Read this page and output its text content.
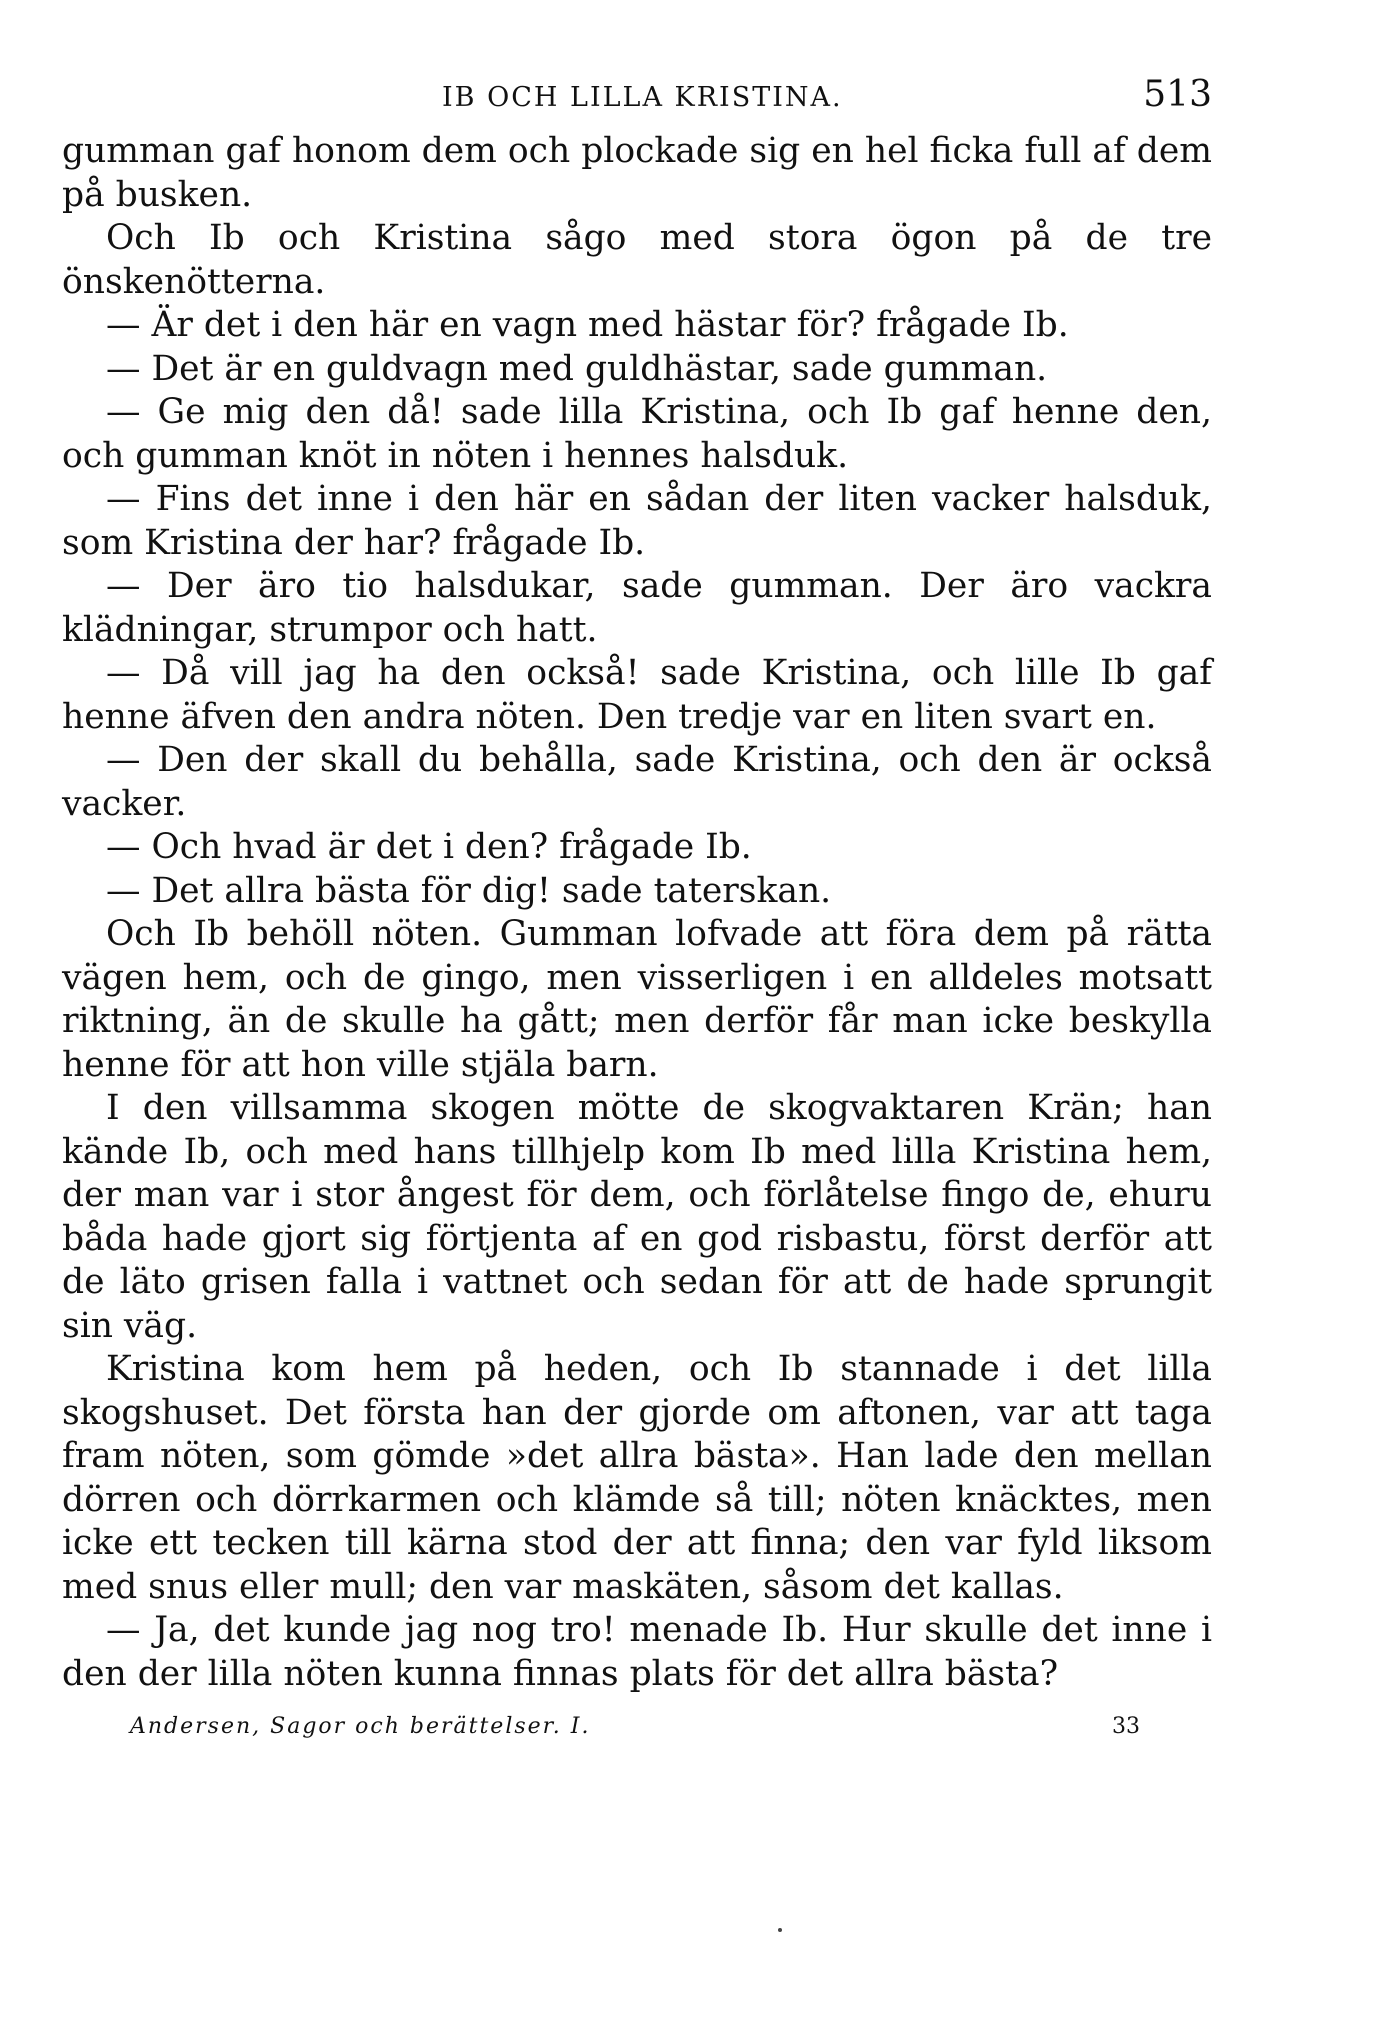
IB OCH LILLA KRISTINA.	513

gumman gaf honom dem och plockade sig en hel ficka full af dem på busken.

Och Ib och Kristina sågo med stora ögon på de tre önskenötterna.

— Är det i den här en vagn med hästar för? frågade Ib.

— Det är en guldvagn med guldhästar, sade gumman.

— Ge mig den då! sade lilla Kristina, och Ib gaf henne den, och gumman knöt in nöten i hennes halsduk.

— Fins det inne i den här en sådan der liten vacker halsduk, som Kristina der har? frågade Ib.

— Der äro tio halsdukar, sade gumman. Der äro vackra klädningar, strumpor och hatt.

— Då vill jag ha den också! sade Kristina, och lille Ib gaf henne äfven den andra nöten. Den tredje var en liten svart en.

— Den der skall du behålla, sade Kristina, och den är också vacker.

— Och hvad är det i den? frågade Ib.

— Det allra bästa för dig! sade taterskan.

Och Ib behöll nöten. Gumman lofvade att föra dem på rätta vägen hem, och de gingo, men visserligen i en alldeles motsatt riktning, än de skulle ha gått; men derför får man icke beskylla henne för att hon ville stjäla barn.

I den villsamma skogen mötte de skogvaktaren Krän; han kände Ib, och med hans tillhjelp kom Ib med lilla Kristina hem, der man var i stor ångest för dem, och förlåtelse fingo de, ehuru båda hade gjort sig förtjenta af en god risbastu, först derför att de läto grisen falla i vattnet och sedan för att de hade sprungit sin väg.

Kristina kom hem på heden, och Ib stannade i det lilla skogshuset. Det första han der gjorde om aftonen, var att taga fram nöten, som gömde »det allra bästa». Han lade den mellan dörren och dörrkarmen och klämde så till; nöten knäcktes, men icke ett tecken till kärna stod der att finna; den var fyld liksom med snus eller mull; den var maskäten, såsom det kallas.

— Ja, det kunde jag nog tro! menade Ib. Hur skulle det inne i den der lilla nöten kunna finnas plats för det allra bästa?

Andersen, Sagor och berättelser. I.	33
